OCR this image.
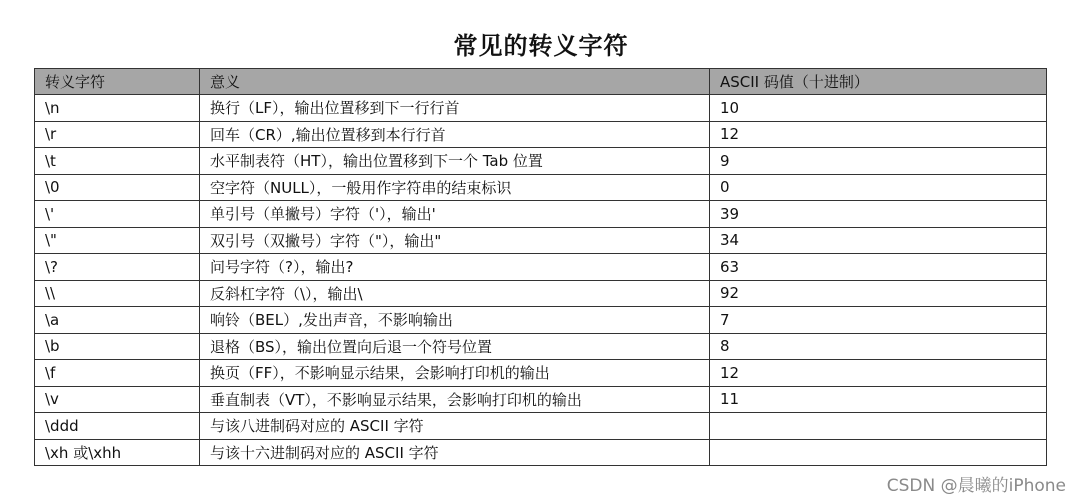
常见的转义字符
转义字符	意义	ASCII 码值（十进制）
\n	换行（LF），输出位置移到下一行行首	10
\r	回车（CR）,输出位置移到本行行首	12
\t	水平制表符（HT），输出位置移到下一个 Tab 位置	9
\0	空字符（NULL），一般用作字符串的结束标识	0
\'	单引号（单撇号）字符（'），输出'	39
\"	双引号（双撇号）字符（"），输出"	34
\?	问号字符（?），输出?	63
\\	反斜杠字符（\），输出\	92
\a	响铃（BEL）,发出声音，不影响输出	7
\b	退格（BS），输出位置向后退一个符号位置	8
\f	换页（FF），不影响显示结果，会影响打印机的输出	12
\v	垂直制表（VT），不影响显示结果，会影响打印机的输出	11
\ddd	与该八进制码对应的 ASCII 字符	
\xh 或\xhh	与该十六进制码对应的 ASCII 字符	
CSDN @晨曦的iPhone
